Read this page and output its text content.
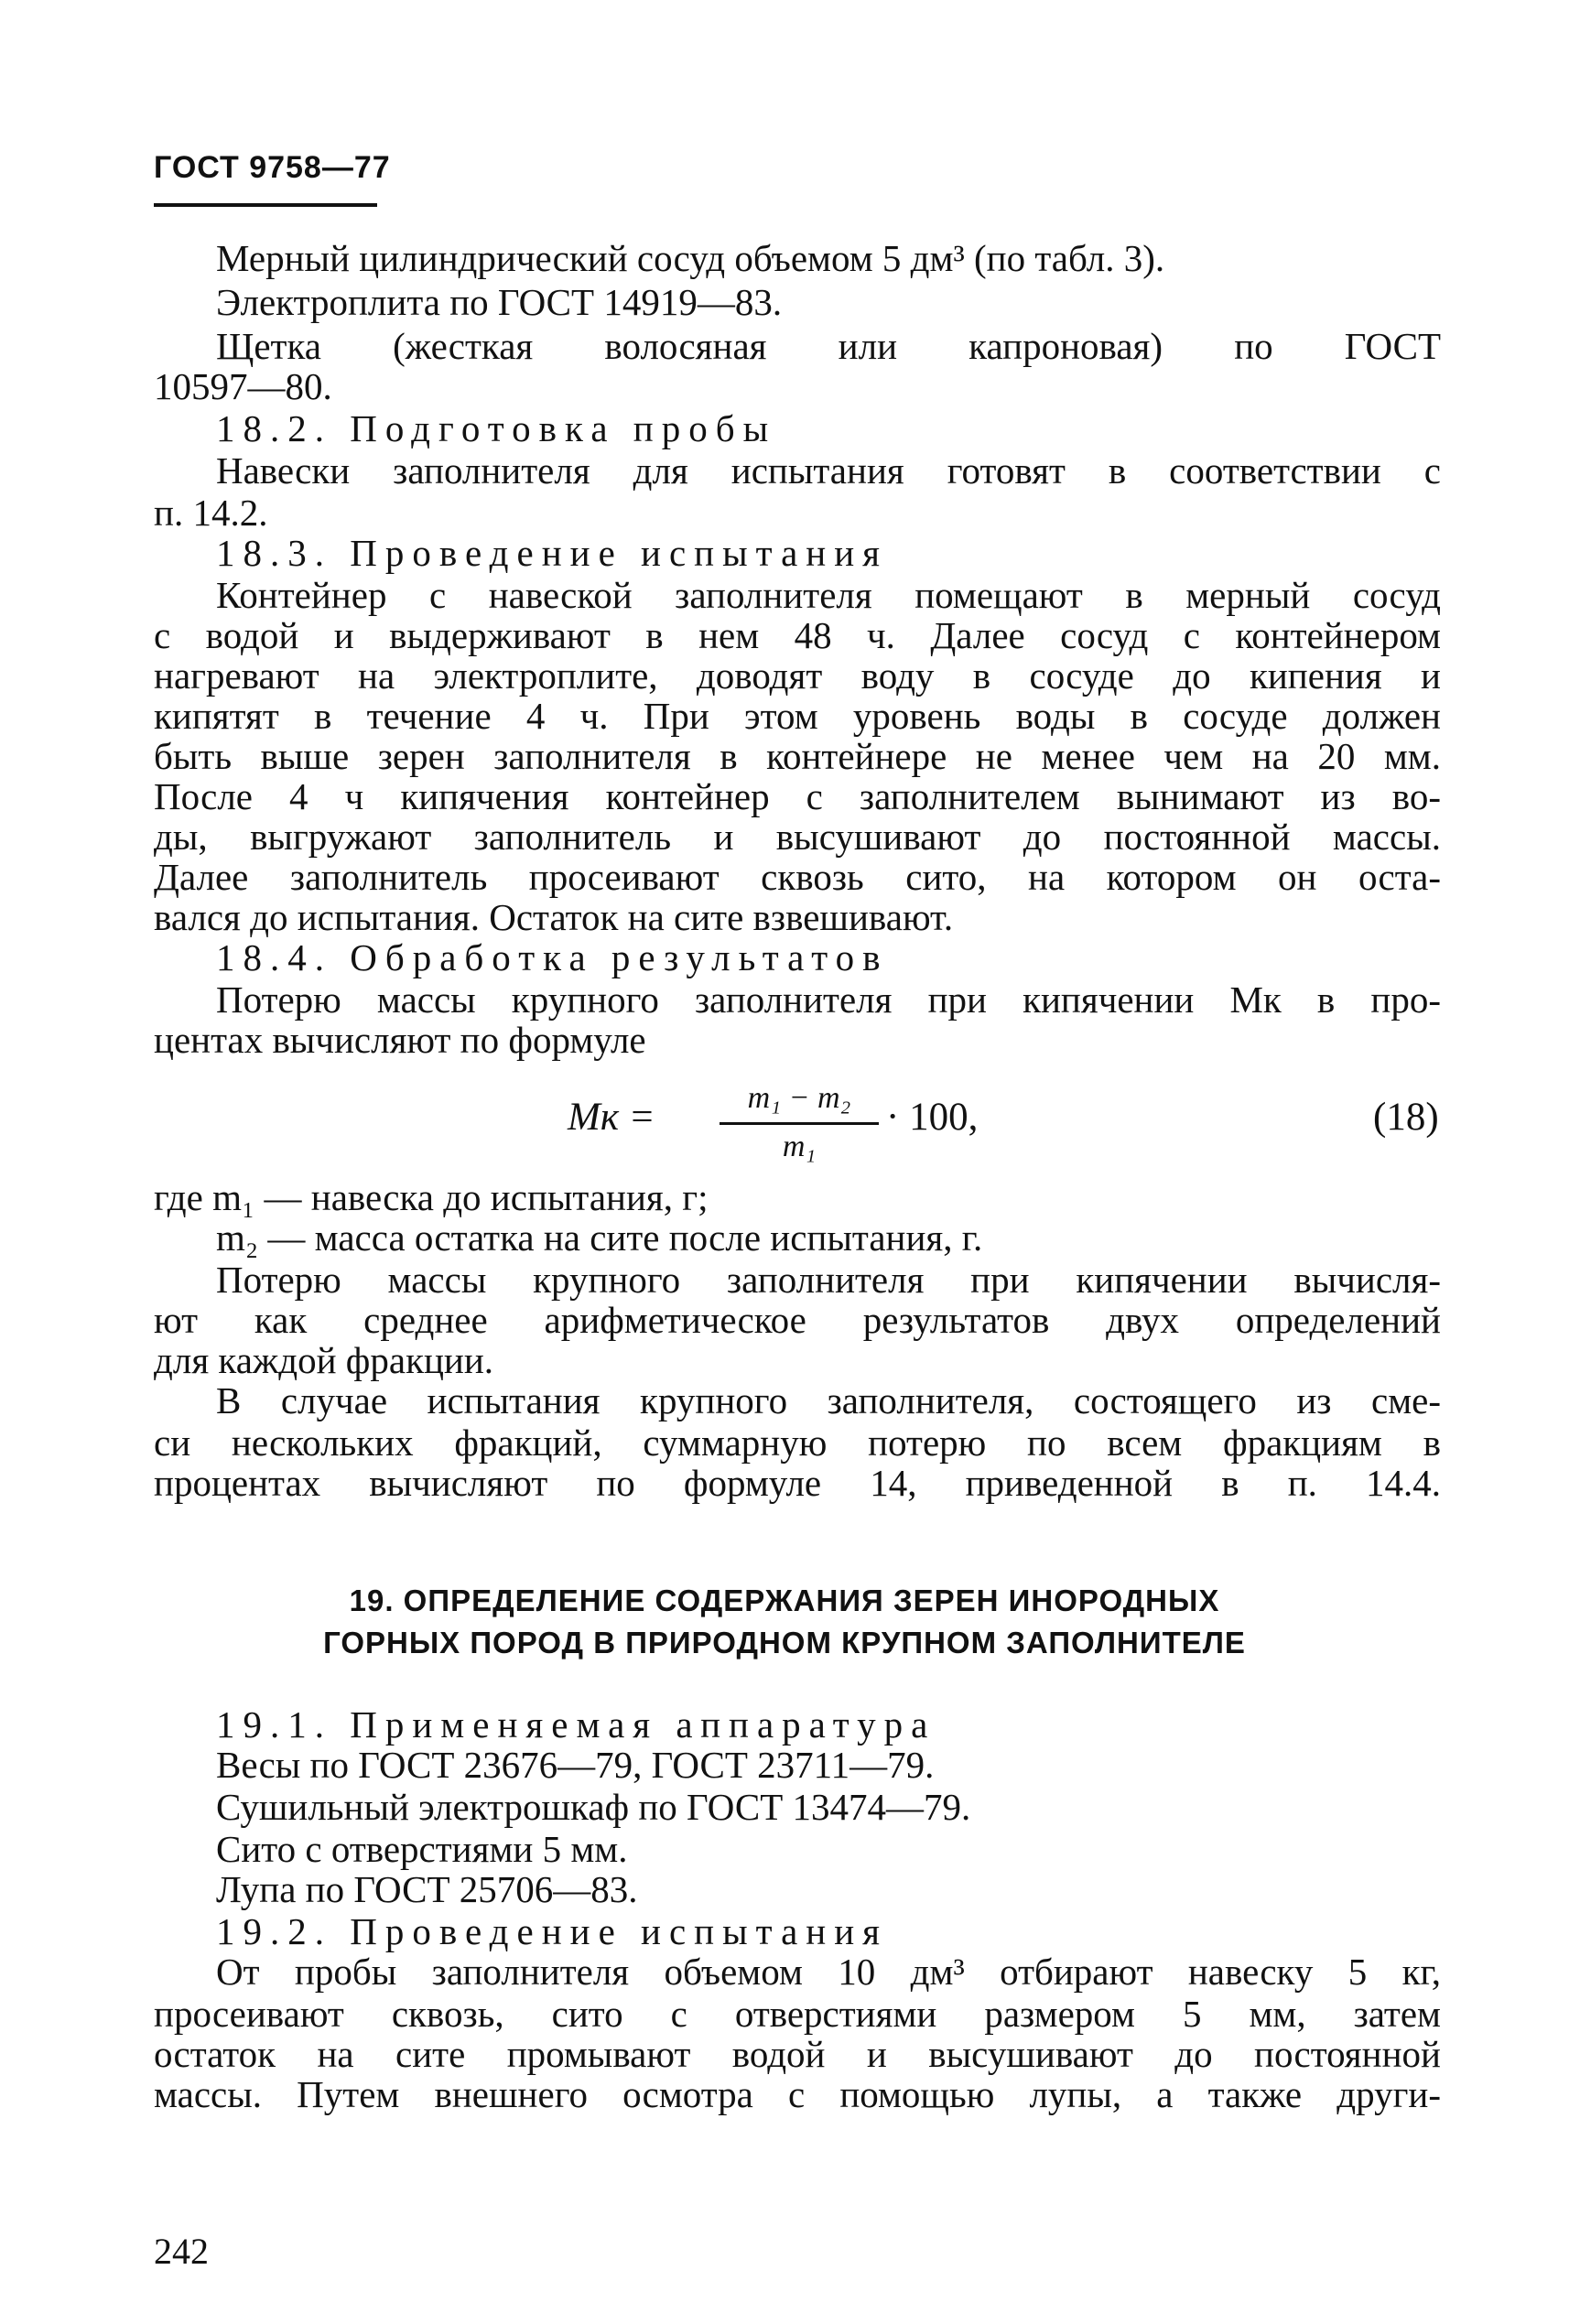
ГОСТ 9758—77
Мерный цилиндрический сосуд объемом 5 дм³ (по табл. 3).
Электроплита по ГОСТ 14919—83.
Щетка (жесткая волосяная или капроновая) по ГОСТ
10597—80.
18.2. Подготовка пробы
Навески заполнителя для испытания готовят в соответствии с
п. 14.2.
18.3. Проведение испытания
Контейнер с навеской заполнителя помещают в мерный сосуд
с водой и выдерживают в нем 48 ч. Далее сосуд с контейнером
нагревают на электроплите, доводят воду в сосуде до кипения и
кипятят в течение 4 ч. При этом уровень воды в сосуде должен
быть выше зерен заполнителя в контейнере не менее чем на 20 мм.
После 4 ч кипячения контейнер с заполнителем вынимают из во-
ды, выгружают заполнитель и высушивают до постоянной массы.
Далее заполнитель просеивают сквозь сито, на котором он оста-
вался до испытания. Остаток на сите взвешивают.
18.4. Обработка результатов
Потерю массы крупного заполнителя при кипячении Mк в про-
центах вычисляют по формуле
Mк =	m₁ − m₂
m₁
· 100,	(18)
где m₁ — навеска до испытания, г;
m₂ — масса остатка на сите после испытания, г.
Потерю массы крупного заполнителя при кипячении вычисля-
ют как среднее арифметическое результатов двух определений
для каждой фракции.
В случае испытания крупного заполнителя, состоящего из сме-
си нескольких фракций, суммарную потерю по всем фракциям в
процентах вычисляют по формуле 14, приведенной в п. 14.4.
19. ОПРЕДЕЛЕНИЕ СОДЕРЖАНИЯ ЗЕРЕН ИНОРОДНЫХ
ГОРНЫХ ПОРОД В ПРИРОДНОМ КРУПНОМ ЗАПОЛНИТЕЛЕ
19.1. Применяемая аппаратура
Весы по ГОСТ 23676—79, ГОСТ 23711—79.
Сушильный электрошкаф по ГОСТ 13474—79.
Сито с отверстиями 5 мм.
Лупа по ГОСТ 25706—83.
19.2. Проведение испытания
От пробы заполнителя объемом 10 дм³ отбирают навеску 5 кг,
просеивают сквозь, сито с отверстиями размером 5 мм, затем
остаток на сите промывают водой и высушивают до постоянной
массы. Путем внешнего осмотра с помощью лупы, а также други-
242
